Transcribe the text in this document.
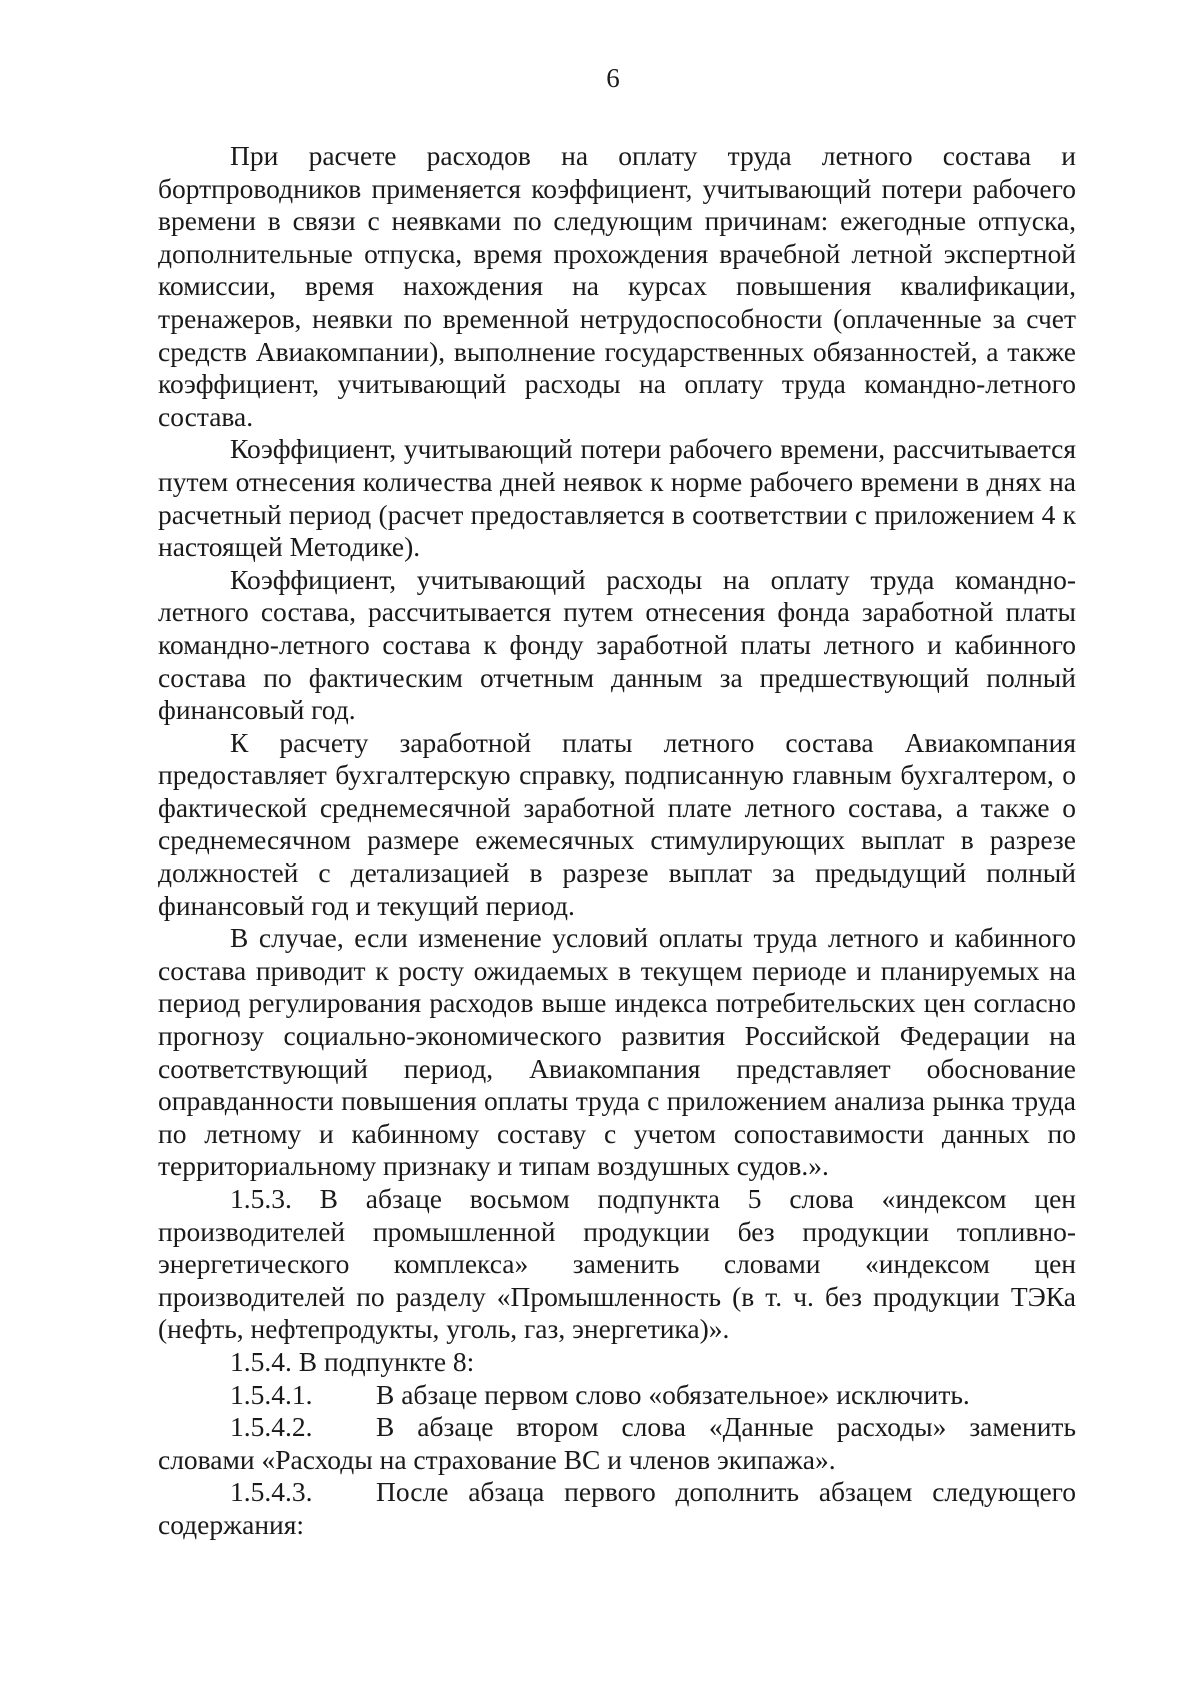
6

При расчете расходов на оплату труда летного состава и бортпроводников применяется коэффициент, учитывающий потери рабочего времени в связи с неявками по следующим причинам: ежегодные отпуска, дополнительные отпуска, время прохождения врачебной летной экспертной комиссии, время нахождения на курсах повышения квалификации, тренажеров, неявки по временной нетрудоспособности (оплаченные за счет средств Авиакомпании), выполнение государственных обязанностей, а также коэффициент, учитывающий расходы на оплату труда командно-летного состава.

Коэффициент, учитывающий потери рабочего времени, рассчитывается путем отнесения количества дней неявок к норме рабочего времени в днях на расчетный период (расчет предоставляется в соответствии с приложением 4 к настоящей Методике).

Коэффициент, учитывающий расходы на оплату труда командно-летного состава, рассчитывается путем отнесения фонда заработной платы командно-летного состава к фонду заработной платы летного и кабинного состава по фактическим отчетным данным за предшествующий полный финансовый год.

К расчету заработной платы летного состава Авиакомпания предоставляет бухгалтерскую справку, подписанную главным бухгалтером, о фактической среднемесячной заработной плате летного состава, а также о среднемесячном размере ежемесячных стимулирующих выплат в разрезе должностей с детализацией в разрезе выплат за предыдущий полный финансовый год и текущий период.

В случае, если изменение условий оплаты труда летного и кабинного состава приводит к росту ожидаемых в текущем периоде и планируемых на период регулирования расходов выше индекса потребительских цен согласно прогнозу социально-экономического развития Российской Федерации на соответствующий период, Авиакомпания представляет обоснование оправданности повышения оплаты труда с приложением анализа рынка труда по летному и кабинному составу с учетом сопоставимости данных по территориальному признаку и типам воздушных судов.».

1.5.3. В абзаце восьмом подпункта 5 слова «индексом цен производителей промышленной продукции без продукции топливно-энергетического комплекса» заменить словами «индексом цен производителей по разделу «Промышленность (в т. ч. без продукции ТЭКа (нефть, нефтепродукты, уголь, газ, энергетика)».

1.5.4. В подпункте 8:

1.5.4.1. В абзаце первом слово «обязательное» исключить.

1.5.4.2. В абзаце втором слова «Данные расходы» заменить словами «Расходы на страхование ВС и членов экипажа».

1.5.4.3. После абзаца первого дополнить абзацем следующего содержания:
